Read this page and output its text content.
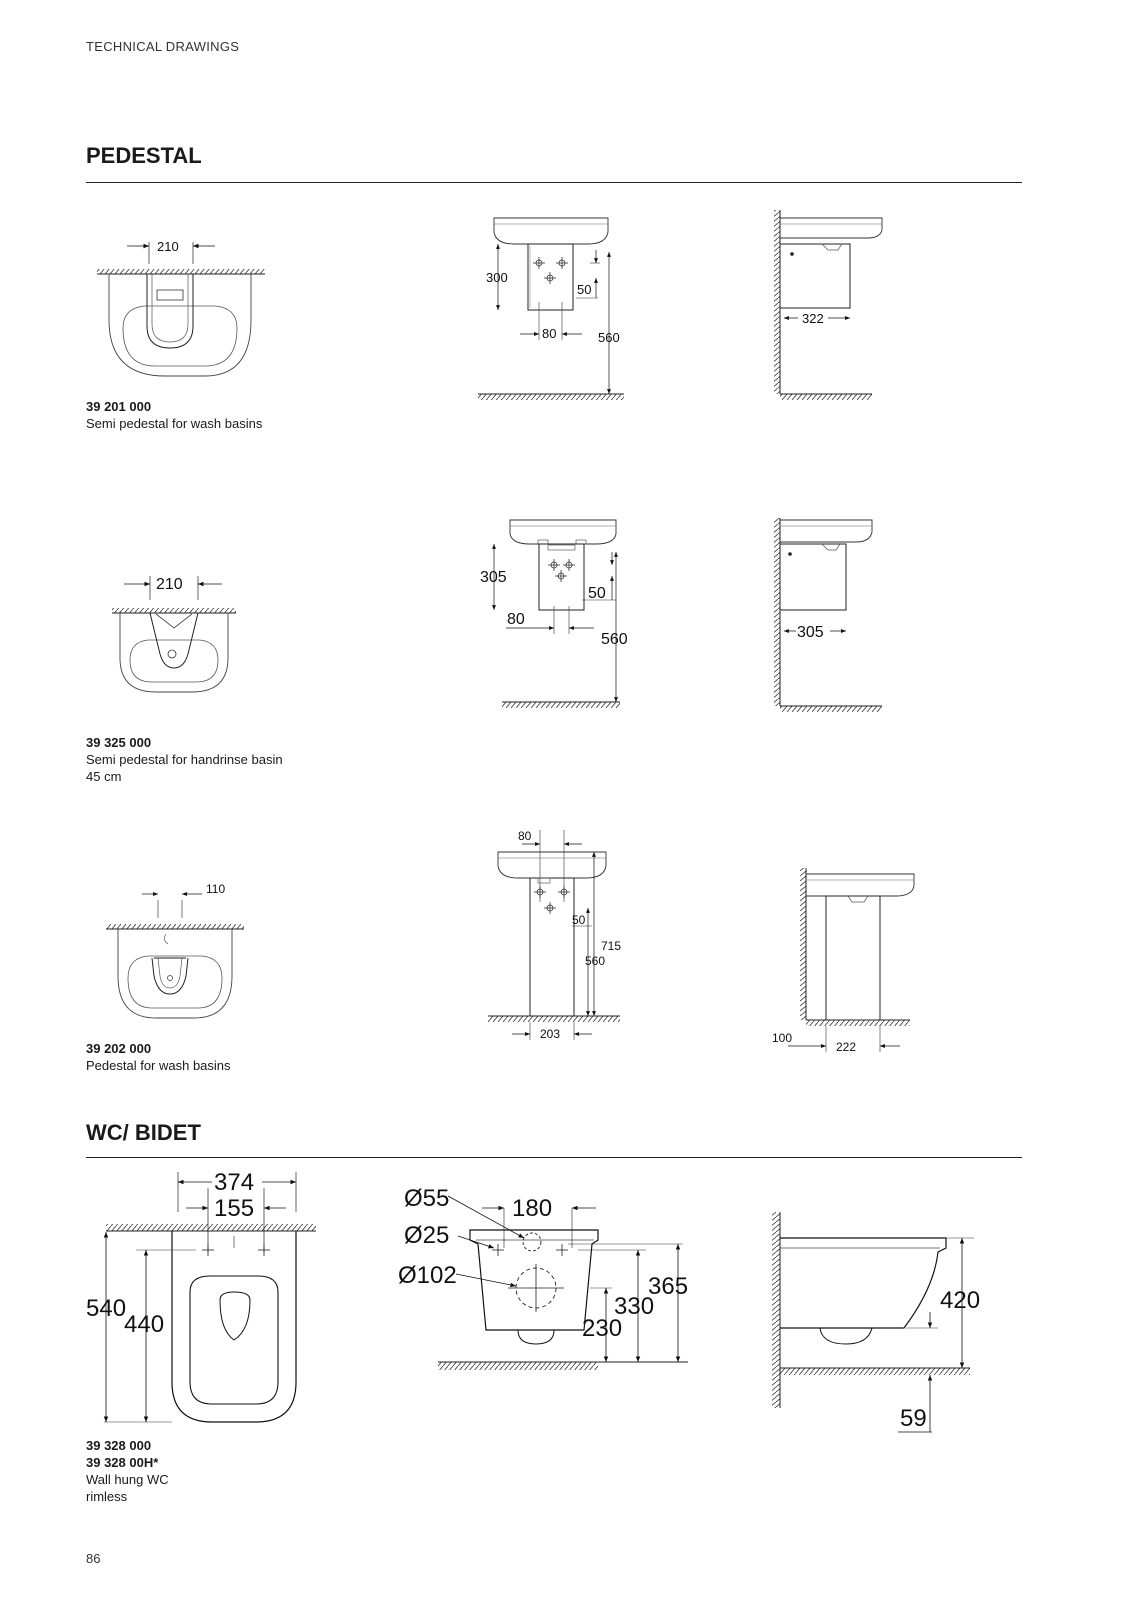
TECHNICAL DRAWINGS
PEDESTAL
210
300
50
80	560
322
39 201 000
Semi pedestal for wash basins
210	305
50
80
560	305
39 325 000
Semi pedestal for handrinse basin
45 cm
110
80
50
715
560
203	100
222
39 202 000
Pedestal for wash basins
WC/ BIDET
374
155
540
440
Ø55
Ø25
Ø102
180
365
330
230
420
59
39 328 000
39 328 00H*
Wall hung WC
rimless
86
